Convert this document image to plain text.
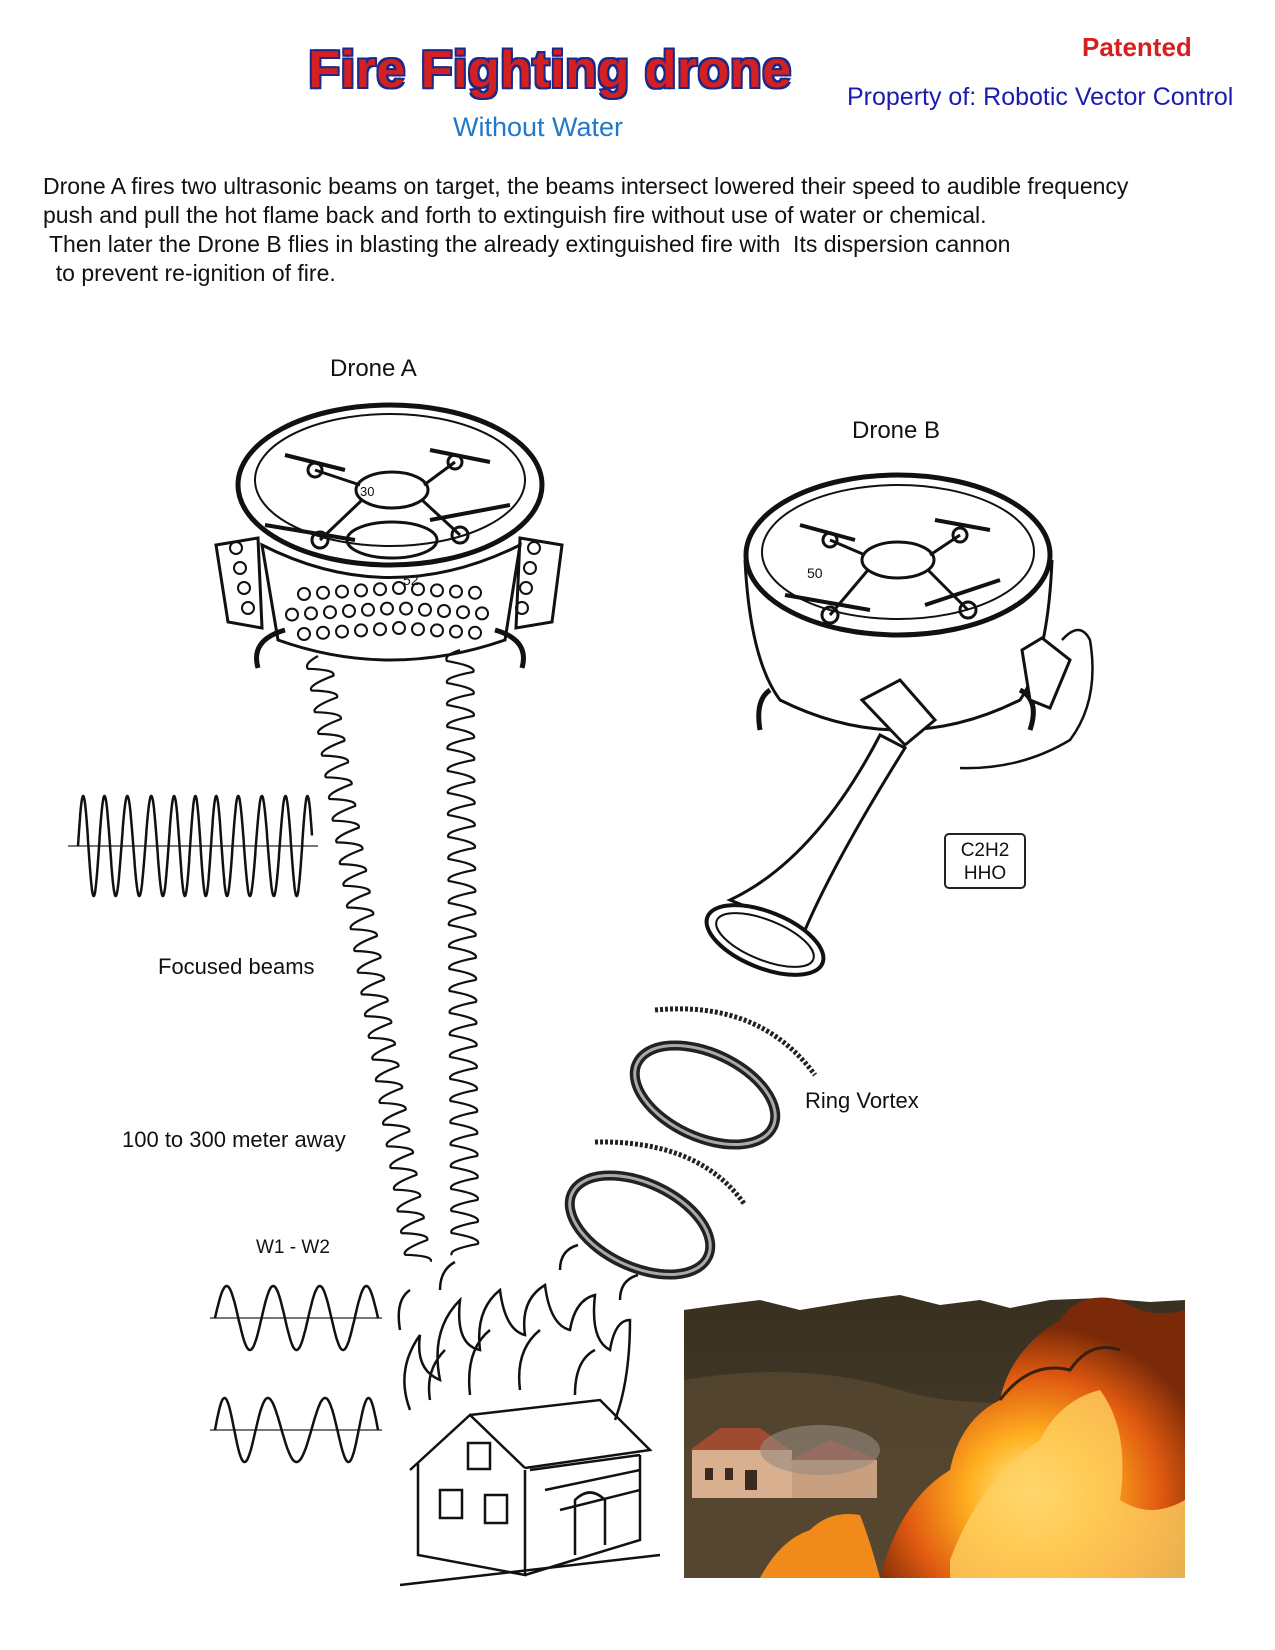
Fire Fighting drone
Without Water
Patented
Property of: Robotic Vector Control
Drone A fires two ultrasonic beams on target, the beams intersect lowered their speed to audible frequency
push and pull the hot flame back and forth to extinguish fire without use of water or chemical.
Then later the Drone B flies in blasting the already extinguished fire with  Its dispersion cannon
to prevent re-ignition of fire.
Drone A
Drone B
Focused beams
100 to 300 meter away
W1 - W2
Ring Vortex
C2H2
HHO
30
52	50
